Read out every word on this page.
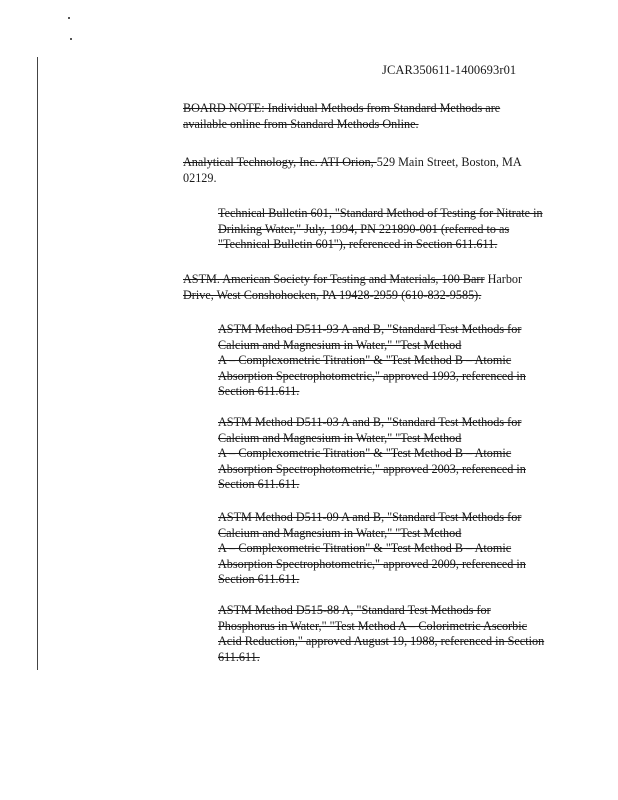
JCAR350611-1400693r01
BOARD NOTE: Individual Methods from Standard Methods are
available online from Standard Methods Online.
Analytical Technology, Inc. ATI Orion, 529 Main Street, Boston, MA
02129.
Technical Bulletin 601, "Standard Method of Testing for Nitrate in
Drinking Water," July, 1994, PN 221890-001 (referred to as
"Technical Bulletin 601"), referenced in Section 611.611.
ASTM. American Society for Testing and Materials, 100 Barr Harbor
Drive, West Conshohocken, PA 19428-2959 (610-832-9585).
ASTM Method D511-93 A and B, "Standard Test Methods for
Calcium and Magnesium in Water," "Test Method
A – Complexometric Titration" & "Test Method B – Atomic
Absorption Spectrophotometric," approved 1993, referenced in
Section 611.611.
ASTM Method D511-03 A and B, "Standard Test Methods for
Calcium and Magnesium in Water," "Test Method
A – Complexometric Titration" & "Test Method B – Atomic
Absorption Spectrophotometric," approved 2003, referenced in
Section 611.611.
ASTM Method D511-09 A and B, "Standard Test Methods for
Calcium and Magnesium in Water," "Test Method
A – Complexometric Titration" & "Test Method B – Atomic
Absorption Spectrophotometric," approved 2009, referenced in
Section 611.611.
ASTM Method D515-88 A, "Standard Test Methods for
Phosphorus in Water," "Test Method A – Colorimetric Ascorbic
Acid Reduction," approved August 19, 1988, referenced in Section
611.611.
